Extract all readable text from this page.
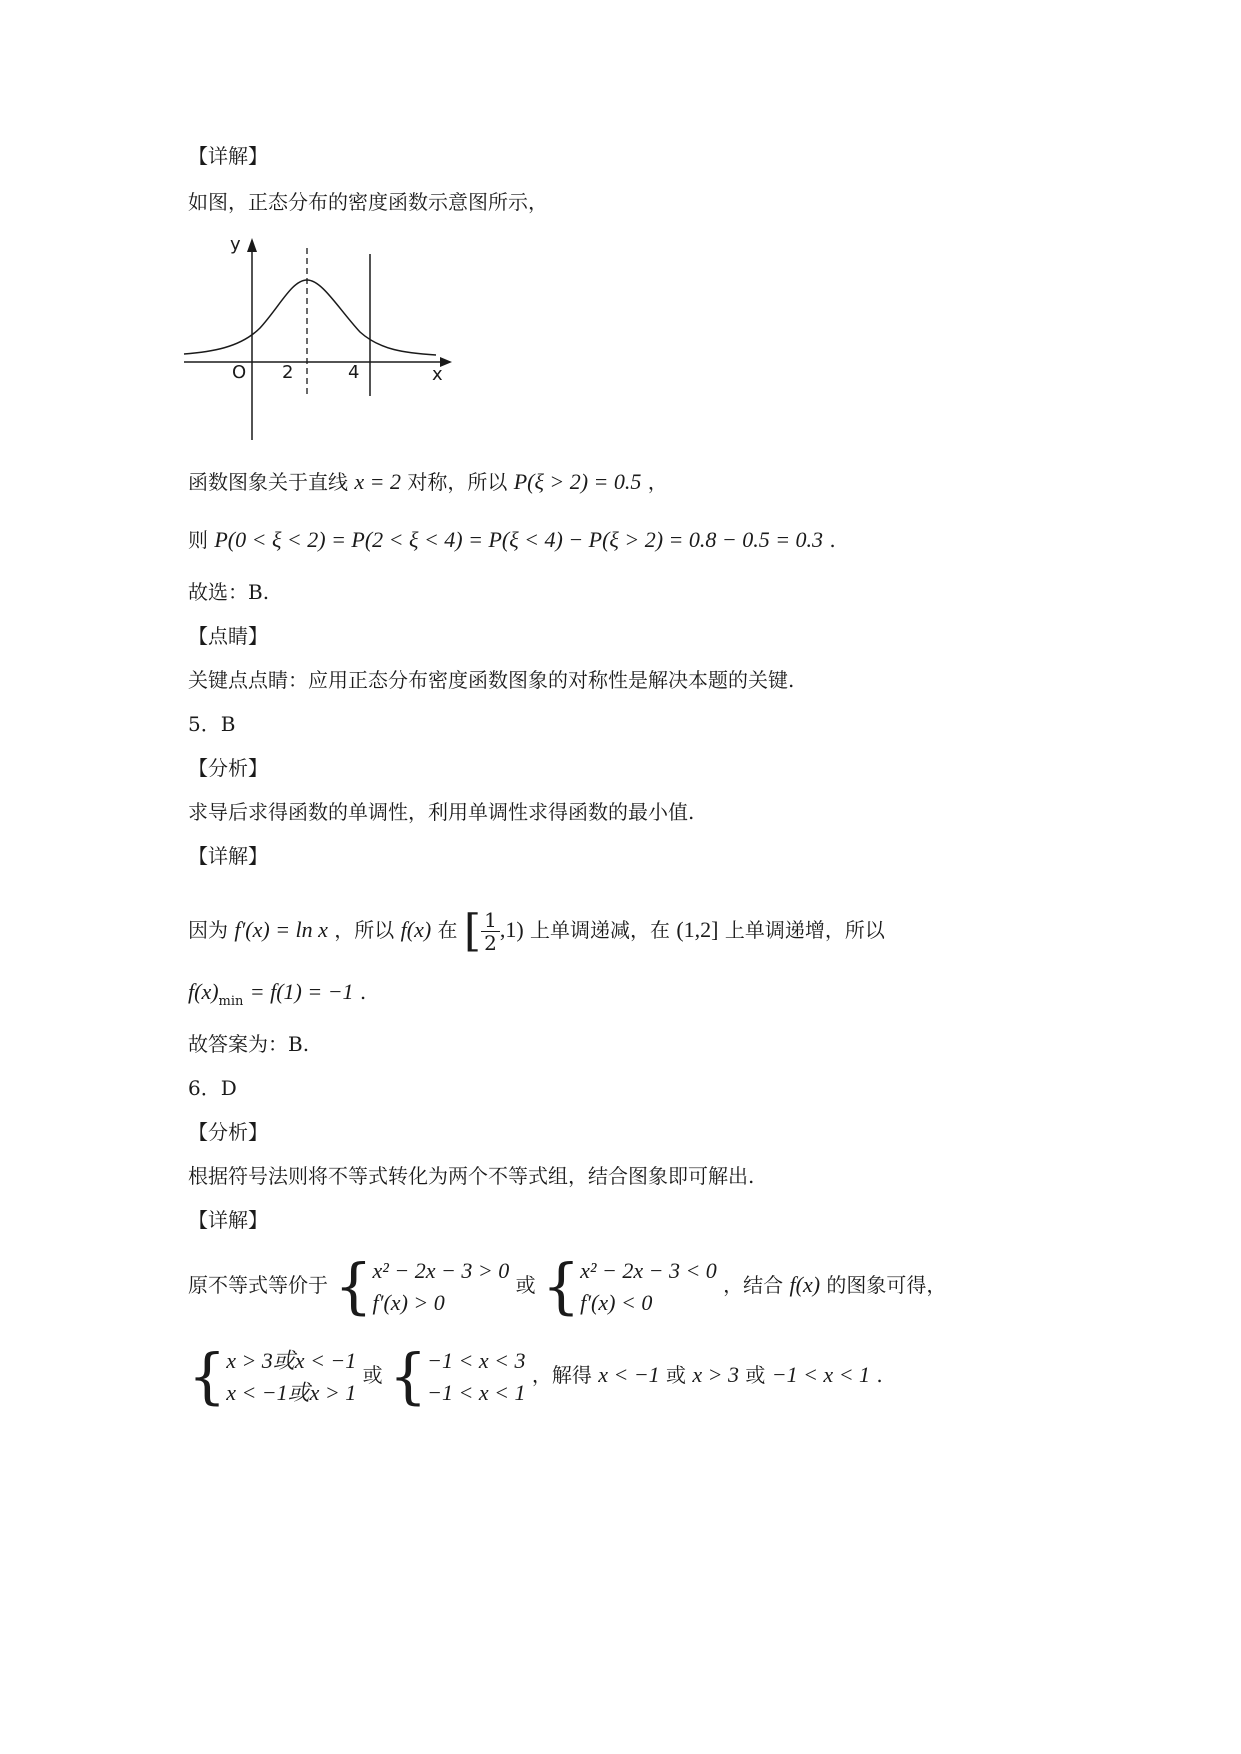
【详解】
如图，正态分布的密度函数示意图所示，
y
x
O 2	4
函数图象关于直线 x = 2 对称，所以 P(ξ > 2) = 0.5 ，
则 P(0 < ξ < 2) = P(2 < ξ < 4) = P(ξ < 4) − P(ξ > 2) = 0.8 − 0.5 = 0.3 .
故选：B.
【点睛】
关键点点睛：应用正态分布密度函数图象的对称性是解决本题的关键.
5．B
【分析】
求导后求得函数的单调性，利用单调性求得函数的最小值.
【详解】
因为 f′(x) = ln x ，所以 f(x) 在 [ $\frac{1}{2} ,1$) 上单调递减，在 (1,2] 上单调递增，所以
$f(x)_{min} = f(1) = -1$ .
故答案为：B.
6．D
【分析】
根据符号法则将不等式转化为两个不等式组，结合图象即可解出.
【详解】
原不等式等价于 { x² − 2x − 3 > 0
f′(x) > 0
或 { x² − 2x − 3 < 0
f′(x) < 0
，结合 f(x) 的图象可得，
{ x > 3或x < −1
x < −1或x > 1
或 { −1 < x < 3
−1 < x < 1
，解得 x < −1 或 x > 3 或 −1 < x < 1 .
